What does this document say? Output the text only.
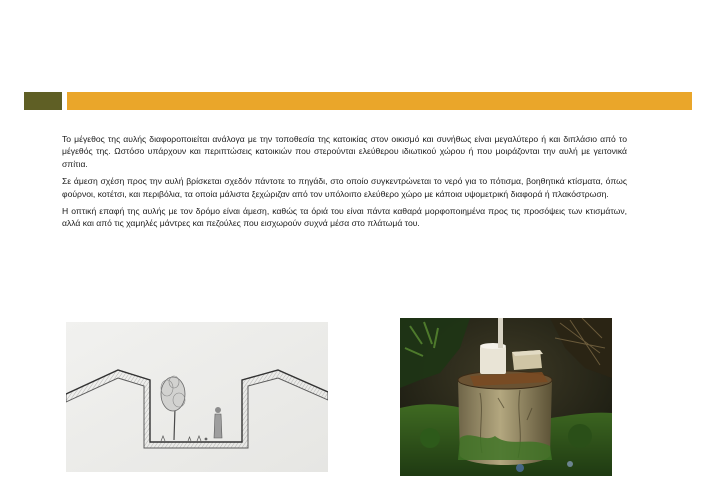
Το μέγεθος της αυλής διαφοροποιείται ανάλογα με την τοποθεσία της κατοικίας στον οικισμό και συνήθως είναι μεγαλύτερο ή και διπλάσιο από το μέγεθός της. Ωστόσο υπάρχουν και περιπτώσεις κατοικιών που στερούνται ελεύθερου ιδιωτικού χώρου ή που μοιράζονται την αυλή με γειτονικά σπίτια.

Σε άμεση σχέση προς την αυλή βρίσκεται σχεδόν πάντοτε το πηγάδι, στο οποίο συγκεντρώνεται το νερό για το πότισμα, βοηθητικά κτίσματα, όπως φούρνοι, κοτέτσι, και περιβόλια, τα οποία μάλιστα ξεχώριζαν από τον υπόλοιπο ελεύθερο χώρο με κάποια υψομετρική διαφορά ή πλακόστρωση.

Η οπτική επαφή της αυλής με τον δρόμο είναι άμεση, καθώς τα όριά του είναι πάντα καθαρά μορφοποιημένα προς τις προσόψεις των κτισμάτων, αλλά και από τις χαμηλές μάντρες και πεζούλες που εισχωρούν συχνά μέσα στο πλάτωμά του.
